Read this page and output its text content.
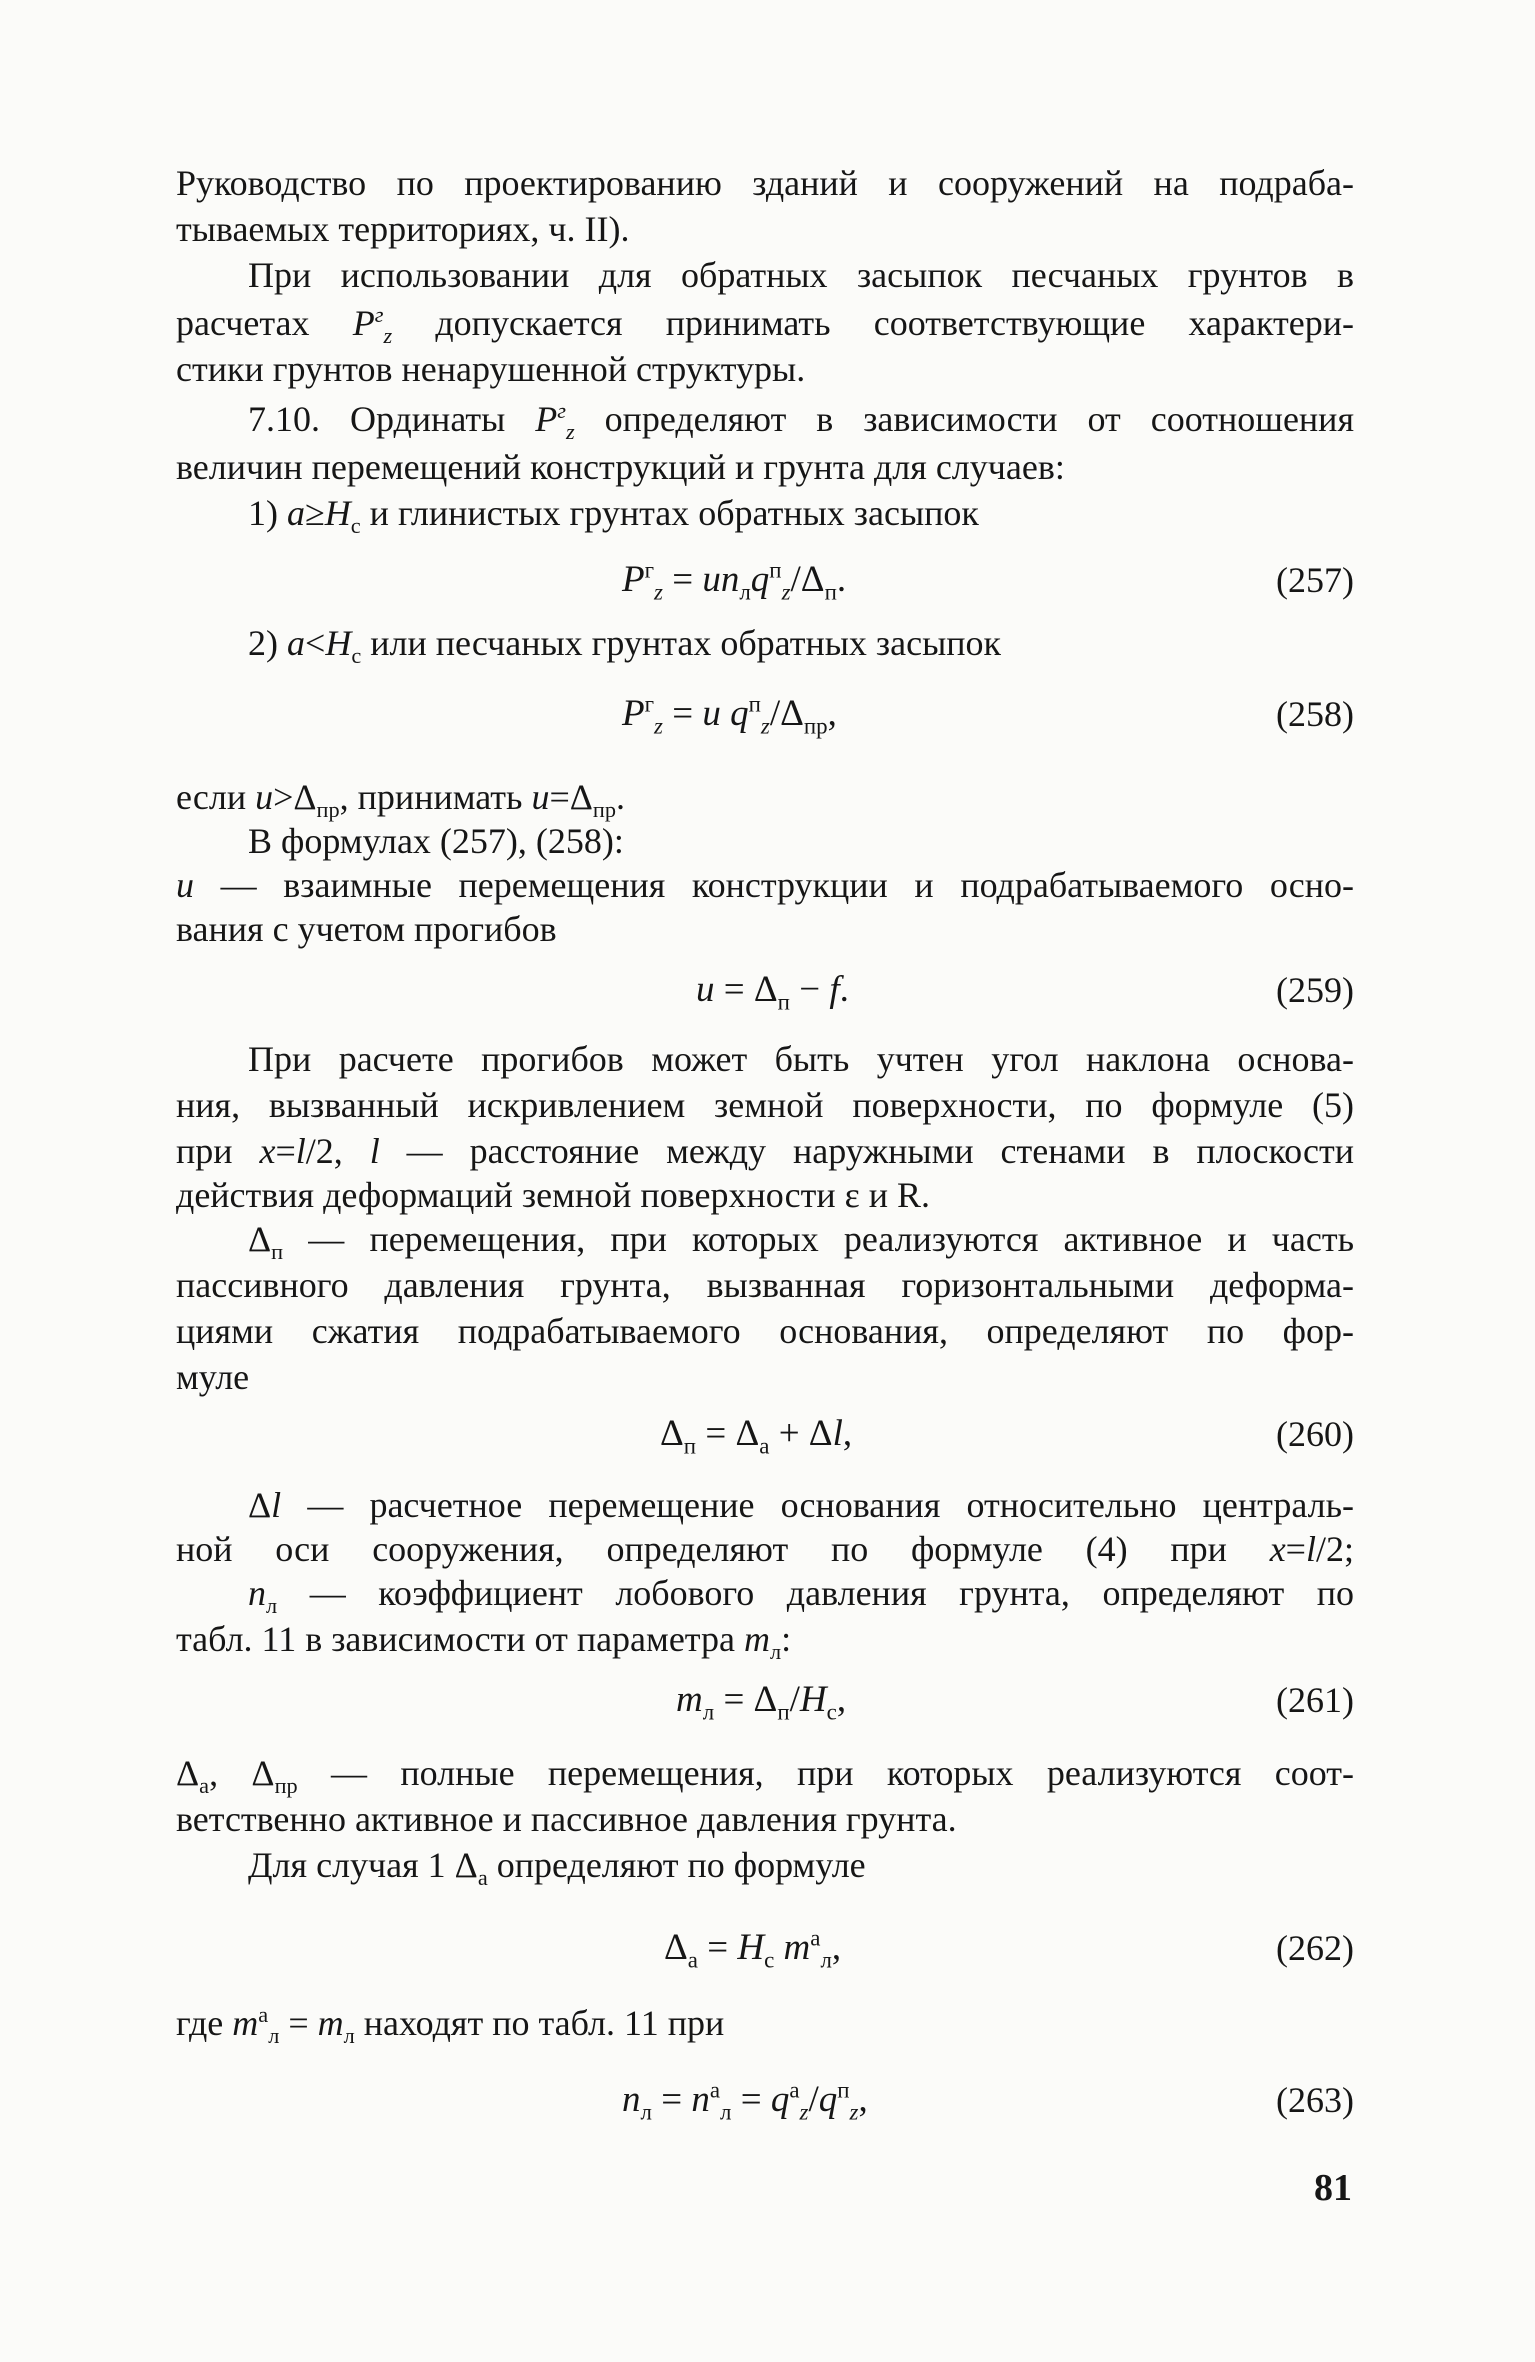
Руководство по проектированию зданий и сооружений на подраба-
тываемых территориях, ч. II).
При использовании для обратных засыпок песчаных грунтов в
расчетах $P^г_z$ допускается принимать соответствующие характери-
стики грунтов ненарушенной структуры.
7.10. Ординаты $P^г_z$ определяют в зависимости от соотношения
величин перемещений конструкций и грунта для случаев:
1) $a\ge H_с$ и глинистых грунтах обратных засыпок
$P^г_z = un_лq^п_z/\Delta_п$.	(257)
2) $a<H_с$ или песчаных грунтах обратных засыпок
$P^г_z = u$ $q^п_z/\Delta_{пр}$,	(258)
если $u>\Delta_{пр}$, принимать $u=\Delta_{пр}$.
В формулах (257), (258):
u — взаимные перемещения конструкции и подрабатываемого осно-
вания с учетом прогибов
$u = \Delta_п - f$.	(259)
При расчете прогибов может быть учтен угол наклона основа-
ния, вызванный искривлением земной поверхности, по формуле (5)
при x=l/2, l — расстояние между наружными стенами в плоскости
действия деформаций земной поверхности ε и R.
$\Delta_п$ — перемещения, при которых реализуются активное и часть
пассивного давления грунта, вызванная горизонтальными деформа-
циями сжатия подрабатываемого основания, определяют по фор-
муле
$\Delta_п = \Delta_а + \Delta l$,	(260)
Δl — расчетное перемещение основания относительно централь-
ной оси сооружения, определяют по формуле (4) при x=l/2;
$n_л$ — коэффициент лобового давления грунта, определяют по
табл. 11 в зависимости от параметра $m_л$:
$m_л = \Delta_п/H_с$,	(261)
$\Delta_а$, $\Delta_{пр}$ — полные перемещения, при которых реализуются соот-
ветственно активное и пассивное давления грунта.
Для случая 1 $\Delta_а$ определяют по формуле
$\Delta_а = H_с$ $m^а_л$,	(262)
где $m^а_л = m_л$ находят по табл. 11 при
$n_л = n^а_л = q^а_z/q^п_z$,	(263)
81
